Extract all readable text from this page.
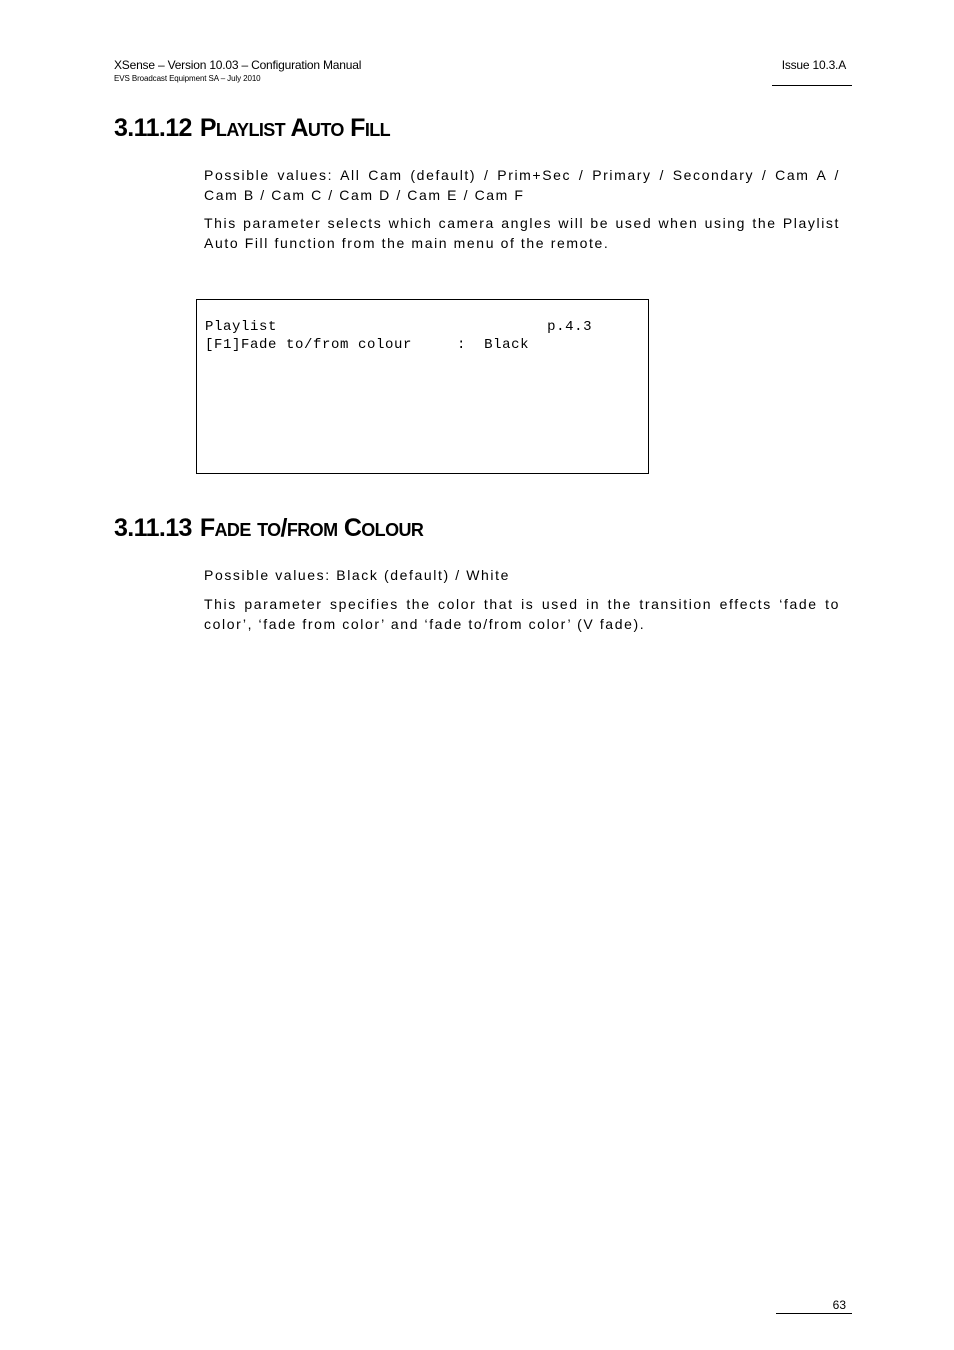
XSense – Version 10.03 – Configuration Manual
EVS Broadcast Equipment SA – July 2010
Issue 10.3.A
3.11.12 Playlist Auto Fill

Possible values: All Cam (default) / Prim+Sec / Primary / Secondary / Cam A / Cam B / Cam C / Cam D / Cam E / Cam F

This parameter selects which camera angles will be used when using the Playlist Auto Fill function from the main menu of the remote.

Playlist	p.4.3
[F1]Fade to/from colour	: Black
3.11.13 Fade to/from Colour

Possible values: Black (default) / White

This parameter specifies the color that is used in the transition effects ‘fade to color’, ‘fade from color’ and ‘fade to/from color’ (V fade).

63
